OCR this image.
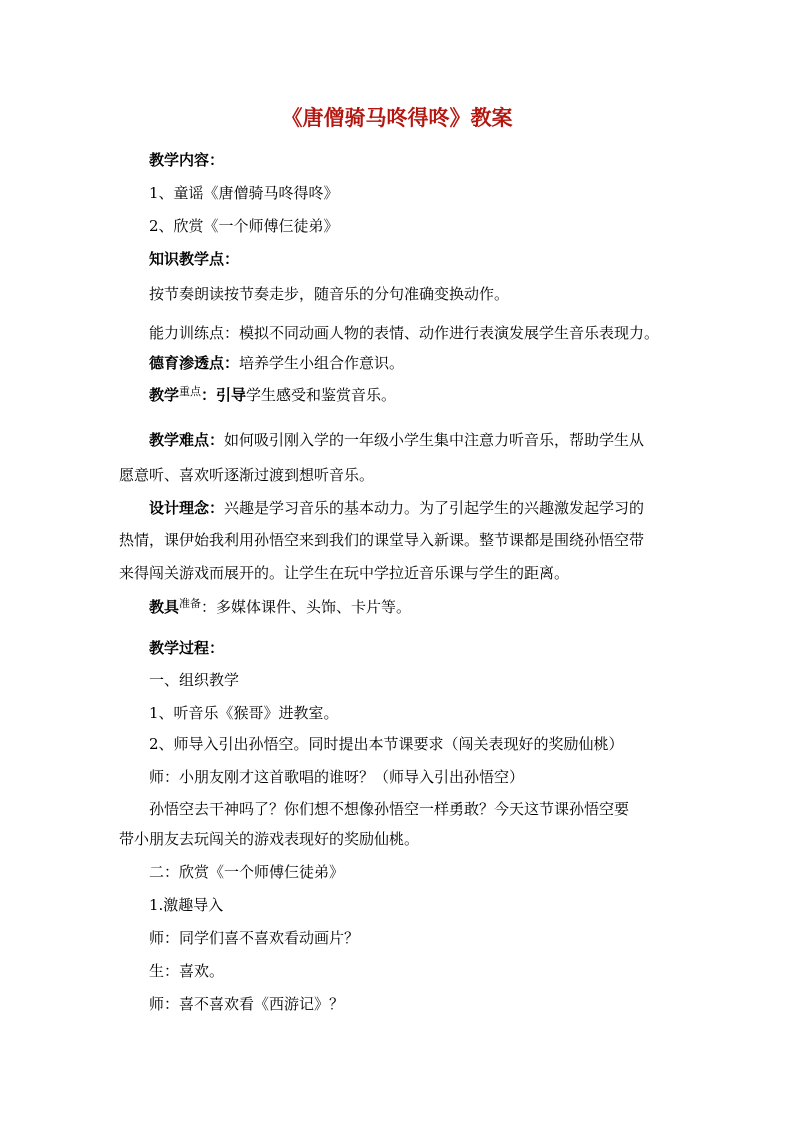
《唐僧骑马咚得咚》教案
教学内容：
1、童谣《唐僧骑马咚得咚》
2、欣赏《一个师傅仨徒弟》
知识教学点：
按节奏朗读按节奏走步，随音乐的分句准确变换动作。
能力训练点：模拟不同动画人物的表情、动作进行表演发展学生音乐表现力。
德育渗透点：培养学生小组合作意识。
教学$^{重点}$：引导学生感受和鉴赏音乐。
教学难点：如何吸引刚入学的一年级小学生集中注意力听音乐，帮助学生从
愿意听、喜欢听逐渐过渡到想听音乐。
设计理念：兴趣是学习音乐的基本动力。为了引起学生的兴趣激发起学习的
热情，课伊始我利用孙悟空来到我们的课堂导入新课。整节课都是围绕孙悟空带
来得闯关游戏而展开的。让学生在玩中学拉近音乐课与学生的距离。
教具$^{准备}$：多媒体课件、头饰、卡片等。
教学过程：
一、组织教学
1、听音乐《猴哥》进教室。
2、师导入引出孙悟空。同时提出本节课要求（闯关表现好的奖励仙桃）
师：小朋友刚才这首歌唱的谁呀？（师导入引出孙悟空）
孙悟空去干神吗了？你们想不想像孙悟空一样勇敢？今天这节课孙悟空要
带小朋友去玩闯关的游戏表现好的奖励仙桃。
二：欣赏《一个师傅仨徒弟》
1.激趣导入
师：同学们喜不喜欢看动画片？
生：喜欢。
师：喜不喜欢看《西游记》？
